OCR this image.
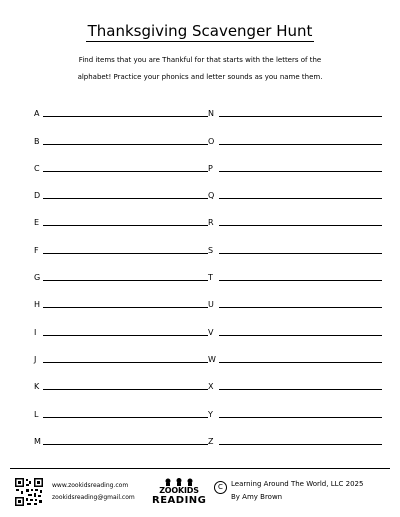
Thanksgiving Scavenger Hunt
Find items that you are Thankful for that starts with the letters of the
alphabet! Practice your phonics and letter sounds as you name them.
A
B
C
D
E
F
G
H
I
J
K
L
M
N
O
P
Q
R
S
T
U
V
W
X
Y
Z
www.zookidsreading.com
zookidsreading@gmail.com
ZOOKIDS
READING
C	Learning Around The World, LLC 2025
By Amy Brown
